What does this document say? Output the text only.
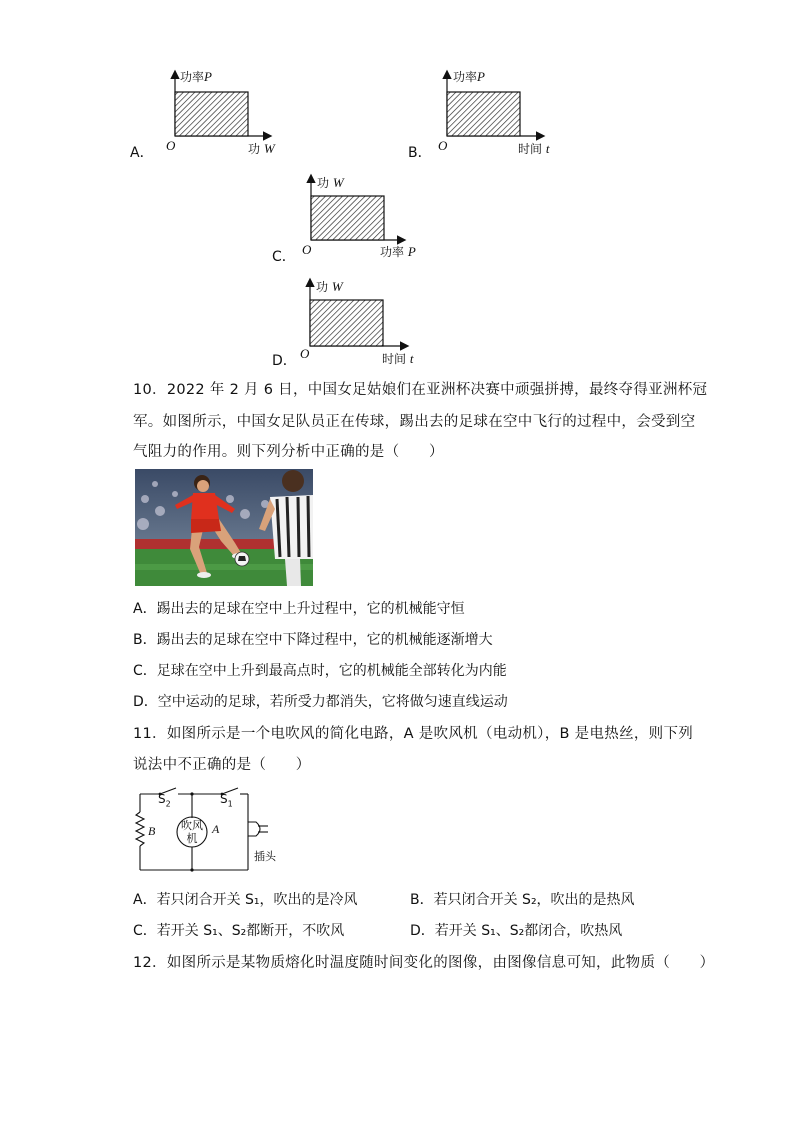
A．
功率P
O	功 W	B．
功率P
O	时间 t
C．
功 W
O	功率 P
D．
功 W
O	时间 t
10．2022 年 2 月 6 日，中国女足姑娘们在亚洲杯决赛中顽强拼搏，最终夺得亚洲杯冠
军。如图所示，中国女足队员正在传球，踢出去的足球在空中飞行的过程中，会受到空
气阻力的作用。则下列分析中正确的是（　　）
A．踢出去的足球在空中上升过程中，它的机械能守恒
B．踢出去的足球在空中下降过程中，它的机械能逐渐增大
C．足球在空中上升到最高点时，它的机械能全部转化为内能
D．空中运动的足球，若所受力都消失，它将做匀速直线运动
11．如图所示是一个电吹风的简化电路，A 是吹风机（电动机），B 是电热丝，则下列
说法中不正确的是（　　）
$S_2$	$S_1$
B 吹风
机
A
插头
A．若只闭合开关 S₁，吹出的是冷风	B．若只闭合开关 S₂，吹出的是热风
C．若开关 S₁、S₂都断开，不吹风	D．若开关 S₁、S₂都闭合，吹热风
12．如图所示是某物质熔化时温度随时间变化的图像，由图像信息可知，此物质（　　）
